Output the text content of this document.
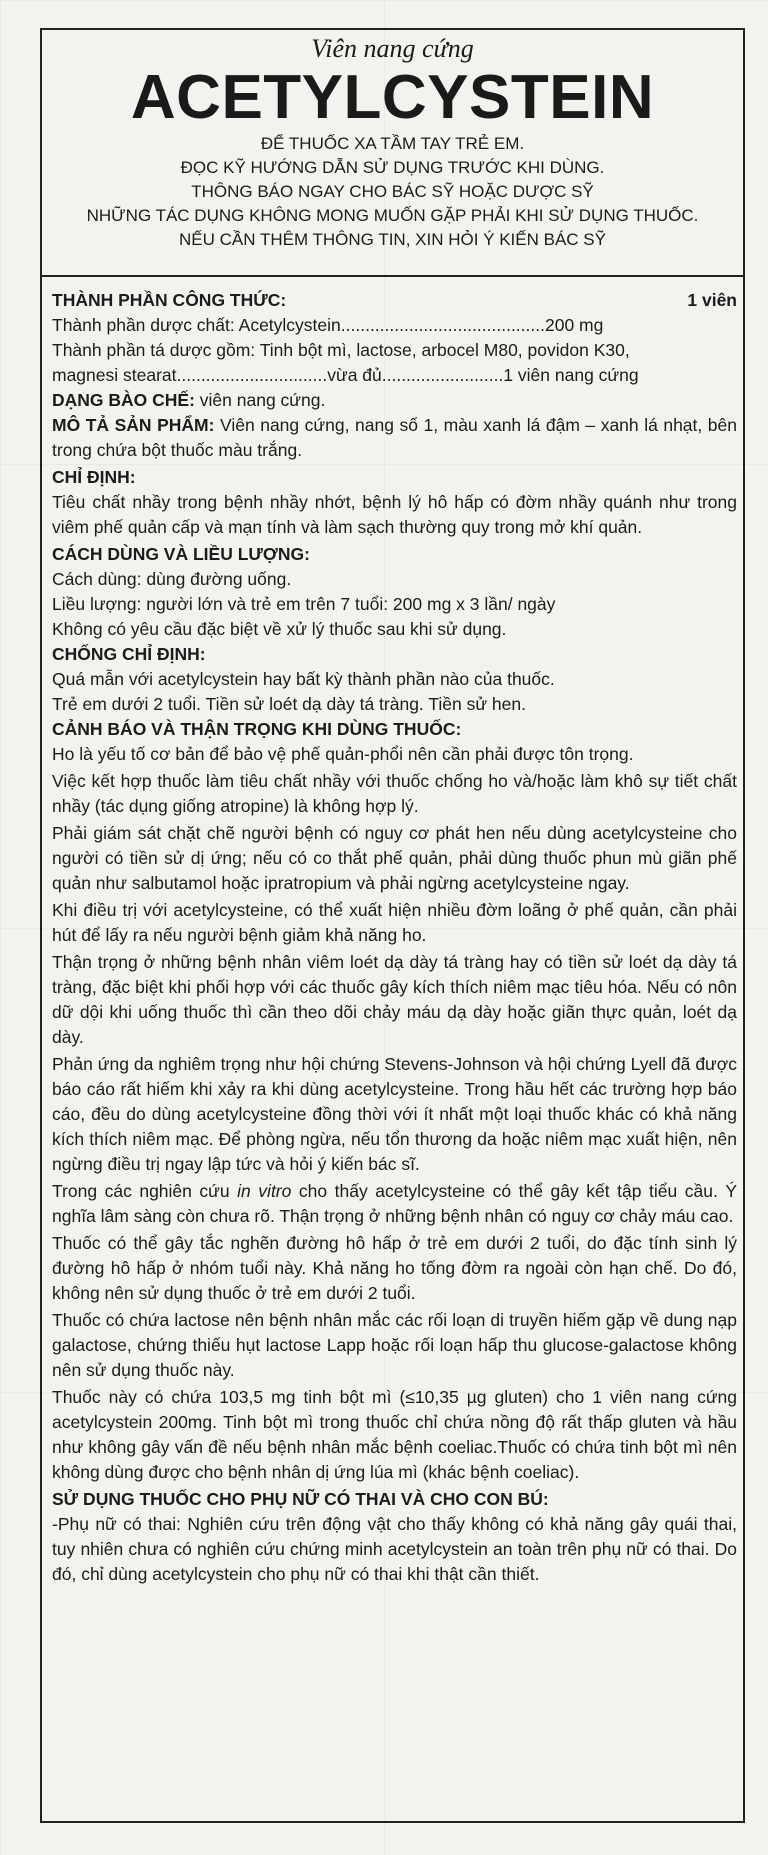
Viên nang cứng
ACETYLCYSTEIN
ĐỂ THUỐC XA TẦM TAY TRẺ EM.
ĐỌC KỸ HƯỚNG DẪN SỬ DỤNG TRƯỚC KHI DÙNG.
THÔNG BÁO NGAY CHO BÁC SỸ HOẶC DƯỢC SỸ
NHỮNG TÁC DỤNG KHÔNG MONG MUỐN GẶP PHẢI KHI SỬ DỤNG THUỐC.
NẾU CẦN THÊM THÔNG TIN, XIN HỎI Ý KIẾN BÁC SỸ
THÀNH PHẦN CÔNG THỨC:	1 viên
Thành phần dược chất: Acetylcystein..........................................200 mg
Thành phần tá dược gồm: Tinh bột mì, lactose, arbocel M80, povidon K30,
magnesi stearat...............................vừa đủ.........................1 viên nang cứng
DẠNG BÀO CHẾ: viên nang cứng.
MÔ TẢ SẢN PHẨM: Viên nang cứng, nang số 1, màu xanh lá đậm – xanh lá nhạt, bên trong chứa bột thuốc màu trắng.
CHỈ ĐỊNH:
Tiêu chất nhầy trong bệnh nhầy nhớt, bệnh lý hô hấp có đờm nhầy quánh như trong viêm phế quản cấp và mạn tính và làm sạch thường quy trong mở khí quản.
CÁCH DÙNG VÀ LIỀU LƯỢNG:
Cách dùng: dùng đường uống.
Liều lượng: người lớn và trẻ em trên 7 tuổi: 200 mg x 3 lần/ ngày
Không có yêu cầu đặc biệt về xử lý thuốc sau khi sử dụng.
CHỐNG CHỈ ĐỊNH:
Quá mẫn với acetylcystein hay bất kỳ thành phần nào của thuốc.
Trẻ em dưới 2 tuổi. Tiền sử loét dạ dày tá tràng. Tiền sử hen.
CẢNH BÁO VÀ THẬN TRỌNG KHI DÙNG THUỐC:
Ho là yếu tố cơ bản để bảo vệ phế quản-phổi nên cần phải được tôn trọng.
Việc kết hợp thuốc làm tiêu chất nhầy với thuốc chống ho và/hoặc làm khô sự tiết chất nhầy (tác dụng giống atropine) là không hợp lý.
Phải giám sát chặt chẽ người bệnh có nguy cơ phát hen nếu dùng acetylcysteine cho người có tiền sử dị ứng; nếu có co thắt phế quản, phải dùng thuốc phun mù giãn phế quản như salbutamol hoặc ipratropium và phải ngừng acetylcysteine ngay.
Khi điều trị với acetylcysteine, có thể xuất hiện nhiều đờm loãng ở phế quản, cần phải hút để lấy ra nếu người bệnh giảm khả năng ho.
Thận trọng ở những bệnh nhân viêm loét dạ dày tá tràng hay có tiền sử loét dạ dày tá tràng, đặc biệt khi phối hợp với các thuốc gây kích thích niêm mạc tiêu hóa. Nếu có nôn dữ dội khi uống thuốc thì cần theo dõi chảy máu dạ dày hoặc giãn thực quản, loét dạ dày.
Phản ứng da nghiêm trọng như hội chứng Stevens-Johnson và hội chứng Lyell đã được báo cáo rất hiếm khi xảy ra khi dùng acetylcysteine. Trong hầu hết các trường hợp báo cáo, đều do dùng acetylcysteine đồng thời với ít nhất một loại thuốc khác có khả năng kích thích niêm mạc. Để phòng ngừa, nếu tổn thương da hoặc niêm mạc xuất hiện, nên ngừng điều trị ngay lập tức và hỏi ý kiến bác sĩ.
Trong các nghiên cứu in vitro cho thấy acetylcysteine có thể gây kết tập tiểu cầu. Ý nghĩa lâm sàng còn chưa rõ. Thận trọng ở những bệnh nhân có nguy cơ chảy máu cao.
Thuốc có thể gây tắc nghẽn đường hô hấp ở trẻ em dưới 2 tuổi, do đặc tính sinh lý đường hô hấp ở nhóm tuổi này. Khả năng ho tống đờm ra ngoài còn hạn chế. Do đó, không nên sử dụng thuốc ở trẻ em dưới 2 tuổi.
Thuốc có chứa lactose nên bệnh nhân mắc các rối loạn di truyền hiếm gặp về dung nạp galactose, chứng thiếu hụt lactose Lapp hoặc rối loạn hấp thu glucose-galactose không nên sử dụng thuốc này.
Thuốc này có chứa 103,5 mg tinh bột mì (≤10,35 µg gluten) cho 1 viên nang cứng acetylcystein 200mg. Tinh bột mì trong thuốc chỉ chứa nồng độ rất thấp gluten và hầu như không gây vấn đề nếu bệnh nhân mắc bệnh coeliac.Thuốc có chứa tinh bột mì nên không dùng được cho bệnh nhân dị ứng lúa mì (khác bệnh coeliac).
SỬ DỤNG THUỐC CHO PHỤ NỮ CÓ THAI VÀ CHO CON BÚ:
-Phụ nữ có thai: Nghiên cứu trên động vật cho thấy không có khả năng gây quái thai, tuy nhiên chưa có nghiên cứu chứng minh acetylcystein an toàn trên phụ nữ có thai. Do đó, chỉ dùng acetylcystein cho phụ nữ có thai khi thật cần thiết.
